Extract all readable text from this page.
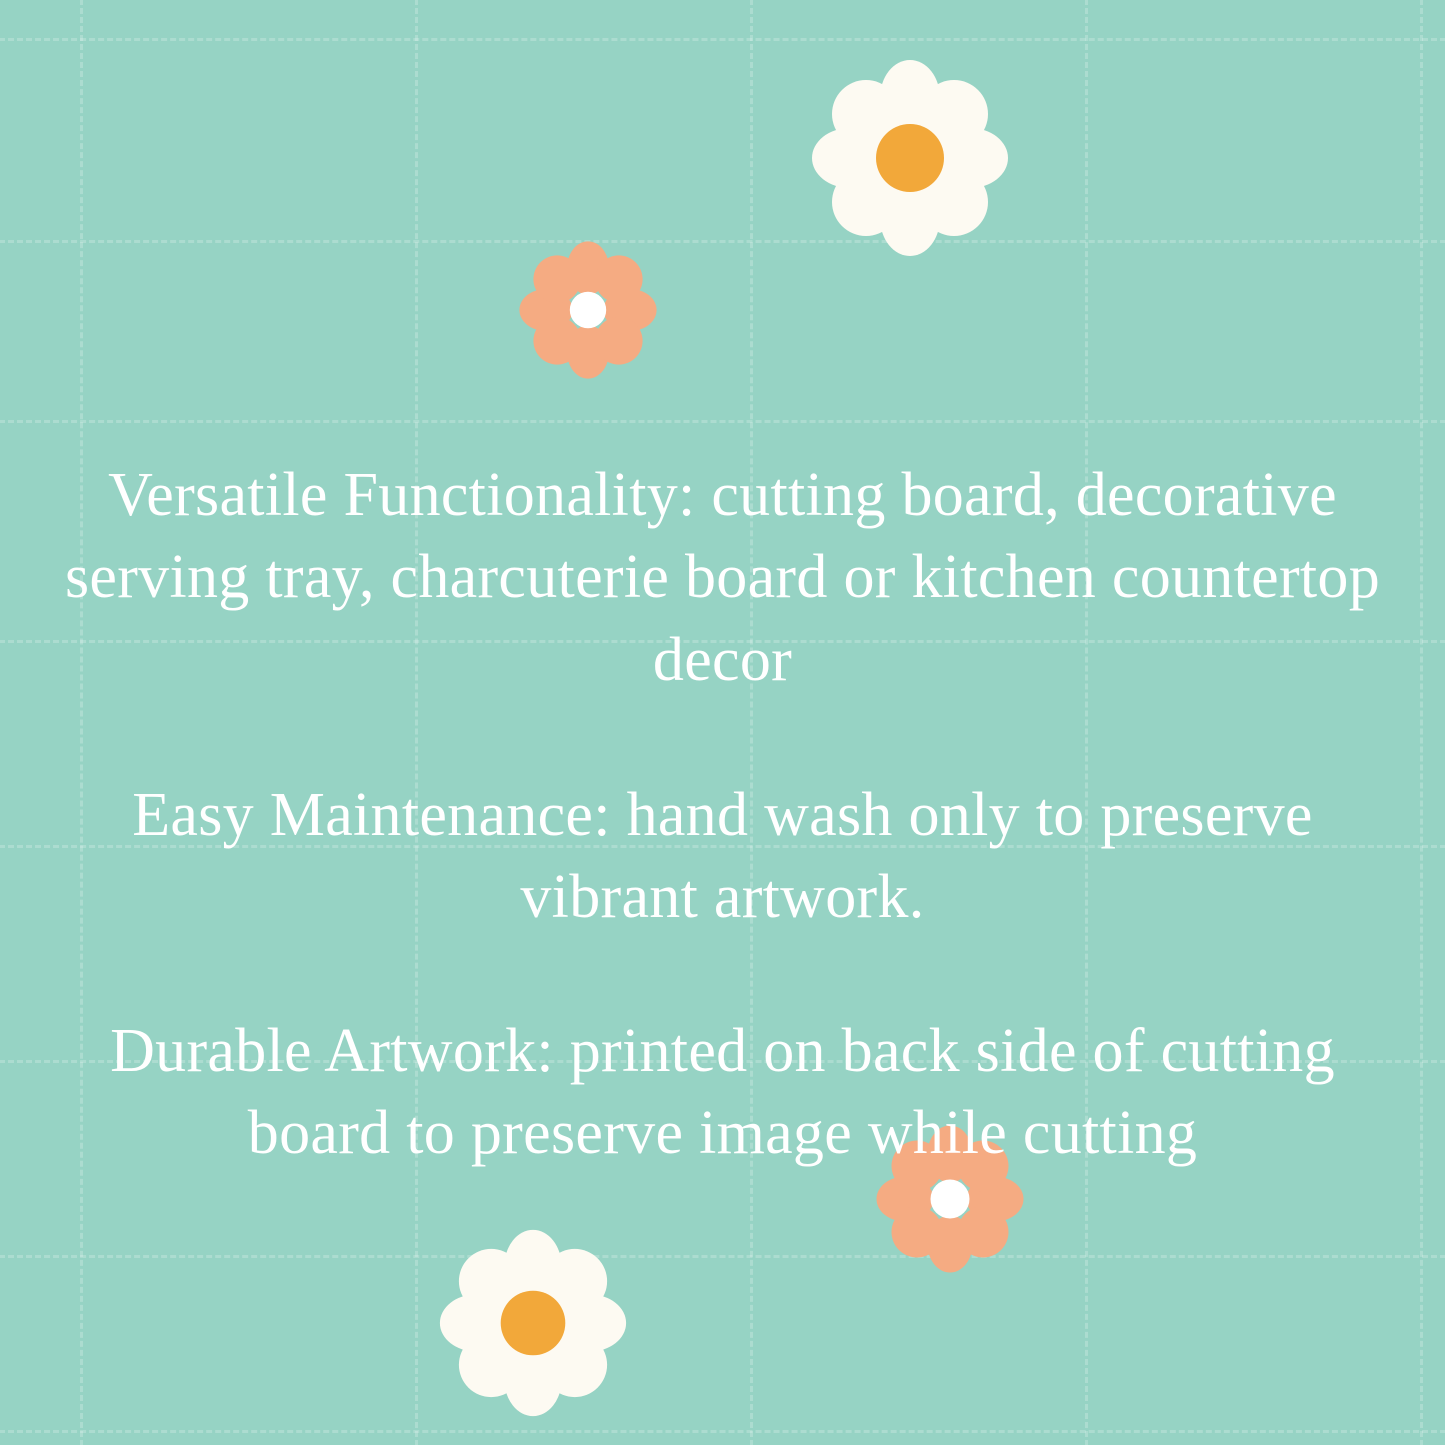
Versatile Functionality: cutting board, decorative serving tray, charcuterie board or kitchen countertop decor

Easy Maintenance: hand wash only to preserve vibrant artwork.

Durable Artwork: printed on back side of cutting board to preserve image while cutting
